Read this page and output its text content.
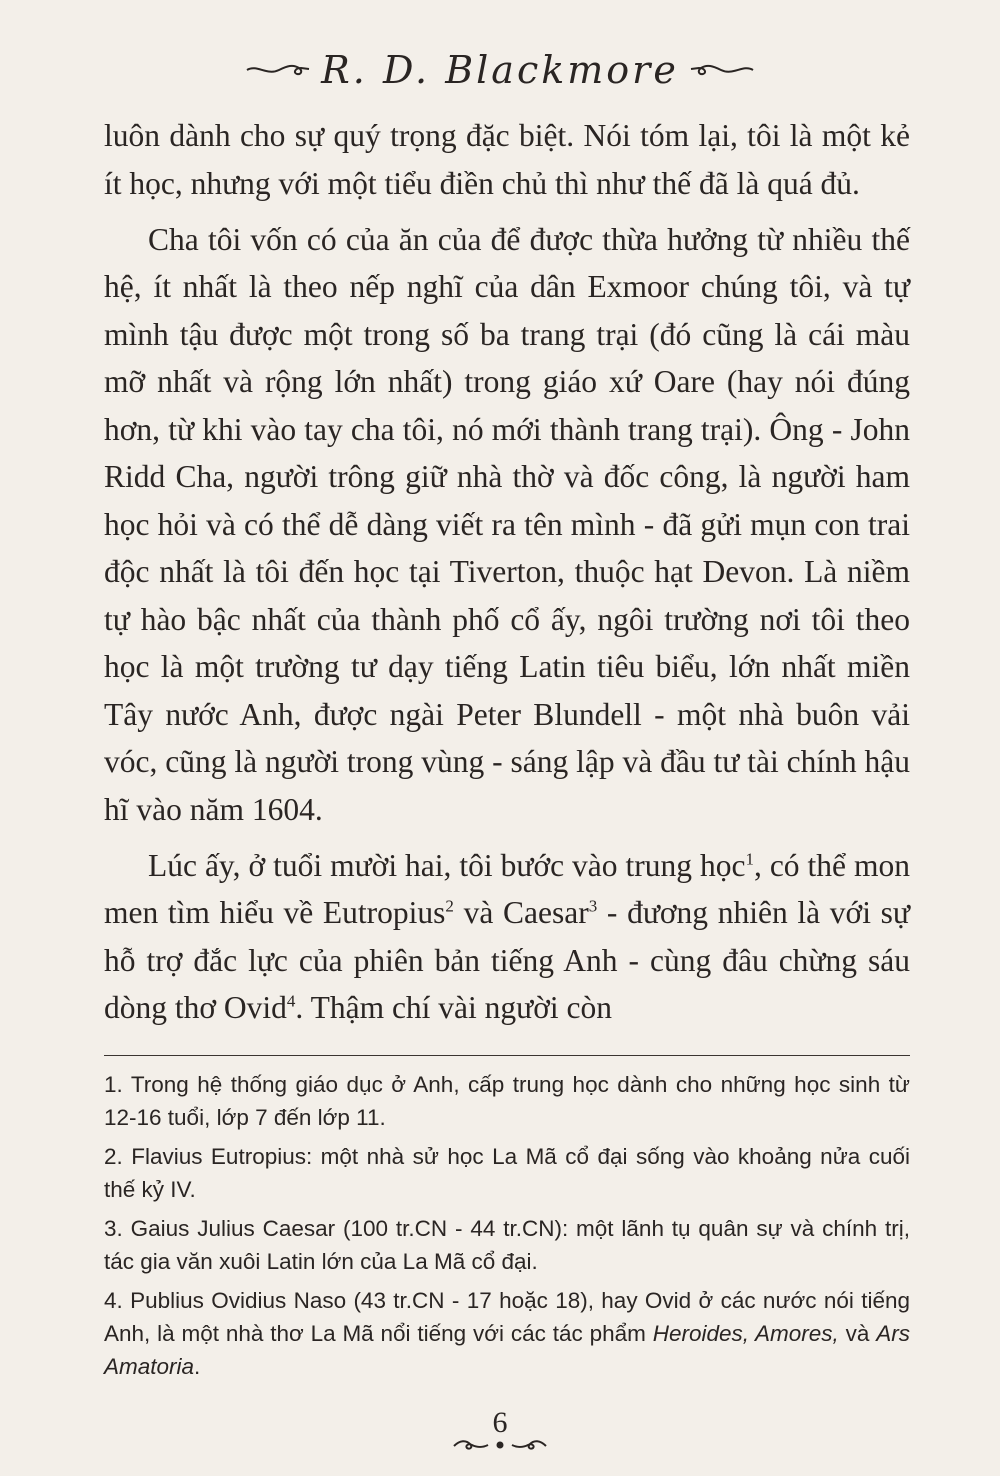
R. D. Blackmore

luôn dành cho sự quý trọng đặc biệt. Nói tóm lại, tôi là một kẻ ít học, nhưng với một tiểu điền chủ thì như thế đã là quá đủ.

Cha tôi vốn có của ăn của để được thừa hưởng từ nhiều thế hệ, ít nhất là theo nếp nghĩ của dân Exmoor chúng tôi, và tự mình tậu được một trong số ba trang trại (đó cũng là cái màu mỡ nhất và rộng lớn nhất) trong giáo xứ Oare (hay nói đúng hơn, từ khi vào tay cha tôi, nó mới thành trang trại). Ông - John Ridd Cha, người trông giữ nhà thờ và đốc công, là người ham học hỏi và có thể dễ dàng viết ra tên mình - đã gửi mụn con trai độc nhất là tôi đến học tại Tiverton, thuộc hạt Devon. Là niềm tự hào bậc nhất của thành phố cổ ấy, ngôi trường nơi tôi theo học là một trường tư dạy tiếng Latin tiêu biểu, lớn nhất miền Tây nước Anh, được ngài Peter Blundell - một nhà buôn vải vóc, cũng là người trong vùng - sáng lập và đầu tư tài chính hậu hĩ vào năm 1604.

Lúc ấy, ở tuổi mười hai, tôi bước vào trung học$^1$, có thể mon men tìm hiểu về Eutropius$^2$ và Caesar$^3$ - đương nhiên là với sự hỗ trợ đắc lực của phiên bản tiếng Anh - cùng đâu chừng sáu dòng thơ Ovid$^4$. Thậm chí vài người còn

1. Trong hệ thống giáo dục ở Anh, cấp trung học dành cho những học sinh từ 12-16 tuổi, lớp 7 đến lớp 11.
2. Flavius Eutropius: một nhà sử học La Mã cổ đại sống vào khoảng nửa cuối thế kỷ IV.
3. Gaius Julius Caesar (100 tr.CN - 44 tr.CN): một lãnh tụ quân sự và chính trị, tác gia văn xuôi Latin lớn của La Mã cổ đại.
4. Publius Ovidius Naso (43 tr.CN - 17 hoặc 18), hay Ovid ở các nước nói tiếng Anh, là một nhà thơ La Mã nổi tiếng với các tác phẩm Heroides, Amores, và Ars Amatoria.
6
